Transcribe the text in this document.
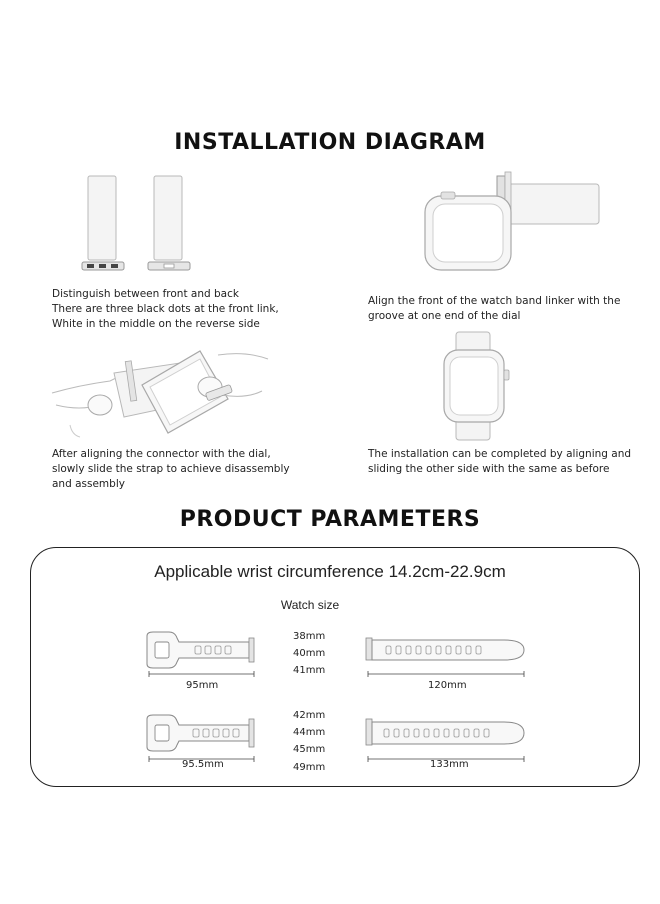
INSTALLATION DIAGRAM
Distinguish between front and back
There are three black dots at the front link,
White in the middle on the reverse side
Align the front of the watch band linker with the
groove at one end of the dial
After aligning the connector with the dial,
slowly slide the strap to achieve disassembly
and assembly
The installation can be completed by aligning and
sliding the other side with the same as before
PRODUCT PARAMETERS
Applicable wrist circumference 14.2cm-22.9cm
Watch size
95mm	120mm
38mm
40mm
41mm
95.5mm	133mm
42mm
44mm
45mm
49mm
